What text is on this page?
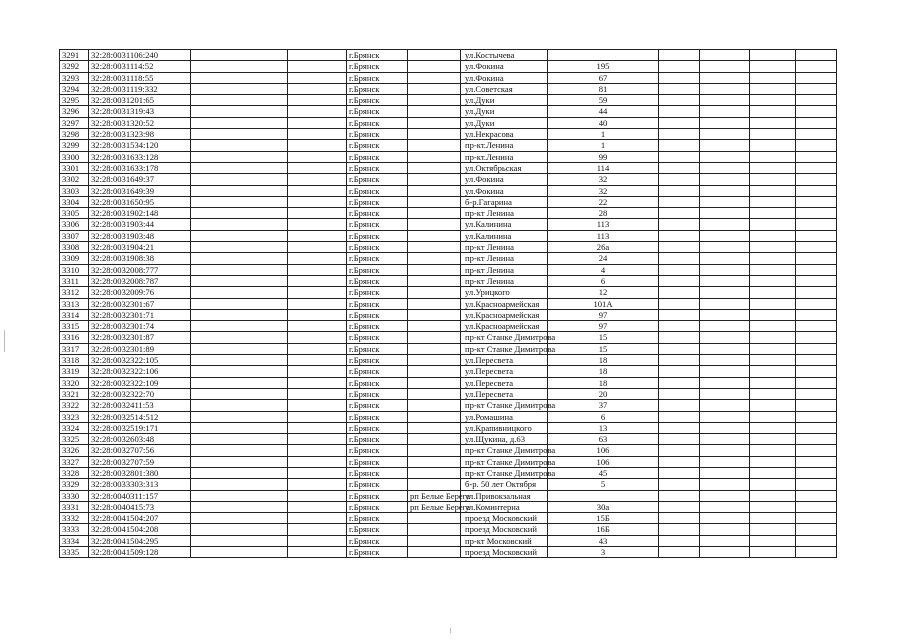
3291	32:28:0031106:240			г.Брянск		ул.Костычева					
3292	32:28:0031114:52			г.Брянск		ул.Фокина	195				
3293	32:28:0031118:55			г.Брянск		ул.Фокина	67				
3294	32:28:0031119:332			г.Брянск		ул.Советская	81				
3295	32:28:0031201:65			г.Брянск		ул.Дуки	59				
3296	32:28:0031319:43			г.Брянск		ул.Дуки	44				
3297	32:28:0031320:52			г.Брянск		ул.Дуки	40				
3298	32:28:0031323:98			г.Брянск		ул.Некрасова	1				
3299	32:28:0031534:120			г.Брянск		пр-кт.Ленина	1				
3300	32:28:0031633:128			г.Брянск		пр-кт.Ленина	99				
3301	32:28:0031633:178			г.Брянск		ул.Октябрьская	114				
3302	32:28:0031649:37			г.Брянск		ул.Фокина	32				
3303	32:28:0031649:39			г.Брянск		ул.Фокина	32				
3304	32:28:0031650:95			г.Брянск		б-р.Гагарина	22				
3305	32:28:0031902:148			г.Брянск		пр-кт Ленина	28				
3306	32:28:0031903:44			г.Брянск		ул.Калинина	113				
3307	32:28:0031903:48			г.Брянск		ул.Калинина	113				
3308	32:28:0031904:21			г.Брянск		пр-кт Ленина	26а				
3309	32:28:0031908:38			г.Брянск		пр-кт Ленина	24				
3310	32:28:0032008:777			г.Брянск		пр-кт Ленина	4				
3311	32:28:0032008:787			г.Брянск		пр-кт Ленина	6				
3312	32:28:0032009:76			г.Брянск		ул.Урицкого	12				
3313	32:28:0032301:67			г.Брянск		ул.Красноармейская	101А				
3314	32:28:0032301:71			г.Брянск		ул.Красноармейская	97				
3315	32:28:0032301:74			г.Брянск		ул.Красноармейская	97				
3316	32:28:0032301:87			г.Брянск		пр-кт Станке Димитрова	15				
3317	32:28:0032301:89			г.Брянск		пр-кт Станке Димитрова	15				
3318	32:28:0032322:105			г.Брянск		ул.Пересвета	18				
3319	32:28:0032322:106			г.Брянск		ул.Пересвета	18				
3320	32:28:0032322:109			г.Брянск		ул.Пересвета	18				
3321	32:28:0032322:70			г.Брянск		ул.Пересвета	20				
3322	32:28:0032411:53			г.Брянск		пр-кт Станке Димитрова	37				
3323	32:28:0032514:512			г.Брянск		ул.Ромашина	6				
3324	32:28:0032519:171			г.Брянск		ул.Крапивницкого	13				
3325	32:28:0032603:48			г.Брянск		ул.Щукина, д.63	63				
3326	32:28:0032707:56			г.Брянск		пр-кт Станке Димитрова	106				
3327	32:28:0032707:59			г.Брянск		пр-кт Станке Димитрова	106				
3328	32:28:0032801:380			г.Брянск		пр-кт Станке Димитрова	45				
3329	32:28:0033303:313			г.Брянск		б-р. 50 лет Октября	5				
3330	32:28:0040311:157			г.Брянск	рп Белые Берега	ул.Привокзальная					
3331	32:28:0040415:73			г.Брянск	рп Белые Берега	ул.Коминтерна	30а				
3332	32:28:0041504:207			г.Брянск		проезд Московский	15Б				
3333	32:28:0041504:208			г.Брянск		проезд Московский	16Б				
3334	32:28:0041504:295			г.Брянск		пр-кт Московский	43				
3335	32:28:0041509:128			г.Брянск		проезд Московский	3				
